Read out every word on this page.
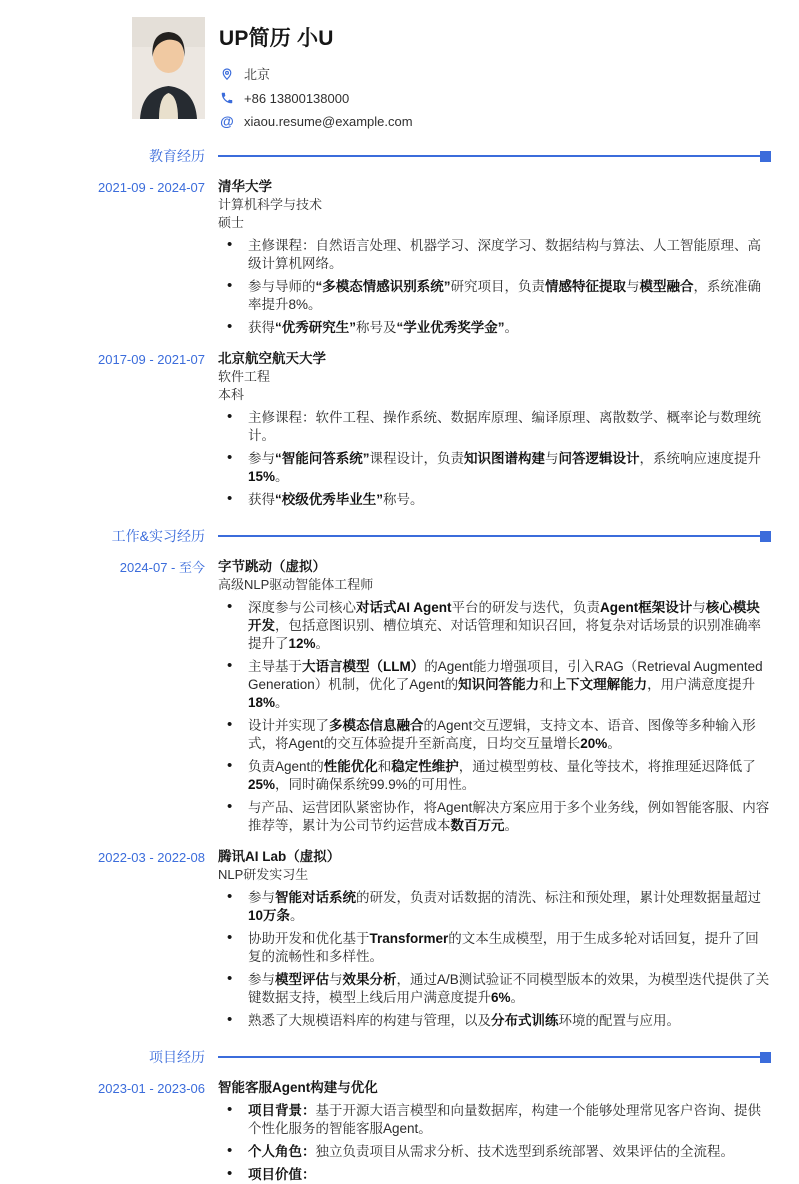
UP简历 小U
北京
+86 13800138000
@ xiaou.resume@example.com
教育经历
2021-09 - 2024-07 清华大学
计算机科学与技术
硕士
• 主修课程：自然语言处理、机器学习、深度学习、数据结构与算法、人工智能原理、高级计算机网络。
• 参与导师的“多模态情感识别系统”研究项目，负责情感特征提取与模型融合，系统准确率提升8%。
• 获得“优秀研究生”称号及“学业优秀奖学金”。
2017-09 - 2021-07 北京航空航天大学
软件工程
本科
• 主修课程：软件工程、操作系统、数据库原理、编译原理、离散数学、概率论与数理统计。
• 参与“智能问答系统”课程设计，负责知识图谱构建与问答逻辑设计，系统响应速度提升15%。
• 获得“校级优秀毕业生”称号。
工作&实习经历
2024-07 - 至今 字节跳动（虚拟）
高级NLP驱动智能体工程师
• 深度参与公司核心对话式AI Agent平台的研发与迭代，负责Agent框架设计与核心模块开发，包括意图识别、槽位填充、对话管理和知识召回，将复杂对话场景的识别准确率提升了12%。
• 主导基于大语言模型（LLM）的Agent能力增强项目，引入RAG（Retrieval Augmented Generation）机制，优化了Agent的知识问答能力和上下文理解能力，用户满意度提升18%。
• 设计并实现了多模态信息融合的Agent交互逻辑，支持文本、语音、图像等多种输入形式，将Agent的交互体验提升至新高度，日均交互量增长20%。
• 负责Agent的性能优化和稳定性维护，通过模型剪枝、量化等技术，将推理延迟降低了25%，同时确保系统99.9%的可用性。
• 与产品、运营团队紧密协作，将Agent解决方案应用于多个业务线，例如智能客服、内容推荐等，累计为公司节约运营成本数百万元。
2022-03 - 2022-08 腾讯AI Lab（虚拟）
NLP研发实习生
• 参与智能对话系统的研发，负责对话数据的清洗、标注和预处理，累计处理数据量超过10万条。
• 协助开发和优化基于Transformer的文本生成模型，用于生成多轮对话回复，提升了回复的流畅性和多样性。
• 参与模型评估与效果分析，通过A/B测试验证不同模型版本的效果，为模型迭代提供了关键数据支持，模型上线后用户满意度提升6%。
• 熟悉了大规模语料库的构建与管理，以及分布式训练环境的配置与应用。
项目经历
2023-01 - 2023-06 智能客服Agent构建与优化
• 项目背景：基于开源大语言模型和向量数据库，构建一个能够处理常见客户咨询、提供个性化服务的智能客服Agent。
• 个人角色：独立负责项目从需求分析、技术选型到系统部署、效果评估的全流程。
• 项目价值：
